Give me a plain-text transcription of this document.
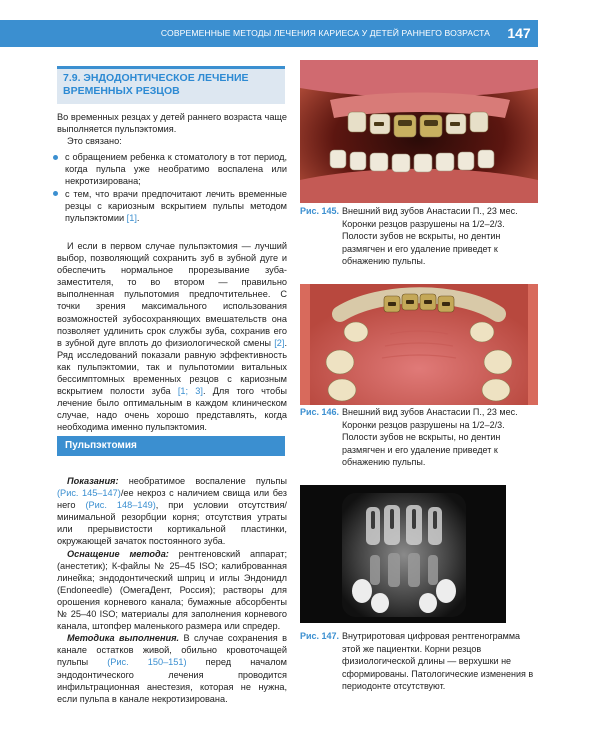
СОВРЕМЕННЫЕ МЕТОДЫ ЛЕЧЕНИЯ КАРИЕСА У ДЕТЕЙ РАННЕГО ВОЗРАСТА	147
7.9. ЭНДОДОНТИЧЕСКОЕ ЛЕЧЕНИЕ ВРЕМЕННЫХ РЕЗЦОВ

Во временных резцах у детей раннего возраста чаще выполняется пульпэктомия.

Это связано:

с обращением ребенка к стоматологу в тот период, когда пульпа уже необратимо воспалена или некротизирована;

с тем, что врачи предпочитают лечить временные резцы с кариозным вскрытием пульпы методом пульпэктомии [1].

И если в первом случае пульпэктомия — лучший выбор, позволяющий сохранить зуб в зубной дуге и обеспечить нормальное прорезывание зуба-заместителя, то во втором — правильно выполненная пульпотомия предпочтительнее. С точки зрения максимального использования возможностей зубосохраняющих вмешательств она позволяет удлинить срок службы зуба, сохранив его в зубной дуге вплоть до физиологической смены [2]. Ряд исследований показали равную эффективность как пульпэктомии, так и пульпотомии витальных бессимптомных временных резцов с кариозным вскрытием полости зуба [1; 3]. Для того чтобы лечение было оптимальным в каждом клиническом случае, надо очень хорошо представлять, когда необходима именно пульпэктомия.

Пульпэктомия

Показания: необратимое воспаление пульпы (Рис. 145–147)/ее некроз с наличием свища или без него (Рис. 148–149), при условии отсутствия/минимальной резорбции корня; отсутствия утраты или прерывистости кортикальной пластинки, окружающей зачаток постоянного зуба.

Оснащение метода: рентгеновский аппарат; (анестетик); К-файлы № 25–45 ISO; калиброванная линейка; эндодонтический шприц и иглы Эндонидл (Endoneedle) (ОмегаДент, Россия); растворы для орошения корневого канала; бумажные абсорбенты № 25–40 ISO; материалы для заполнения корневого канала, штопфер маленького размера или спредер.

Методика выполнения. В случае сохранения в канале остатков живой, обильно кровоточащей пульпы (Рис. 150–151) перед началом эндодонтического лечения проводится инфильтрационная анестезия, которая не нужна, если пульпа в канале некротизирована.

Рис. 145. Внешний вид зубов Анастасии П., 23 мес. Коронки резцов разрушены на 1/2–2/3. Полости зубов не вскрыты, но дентин размягчен и его удаление приведет к обнажению пульпы.
Рис. 146. Внешний вид зубов Анастасии П., 23 мес. Коронки резцов разрушены на 1/2–2/3. Полости зубов не вскрыты, но дентин размягчен и его удаление приведет к обнажению пульпы.
Рис. 147. Внутриротовая цифровая рентгенограмма этой же пациентки. Корни резцов физиологической длины — верхушки не сформированы. Патологические изменения в периодонте отсутствуют.
